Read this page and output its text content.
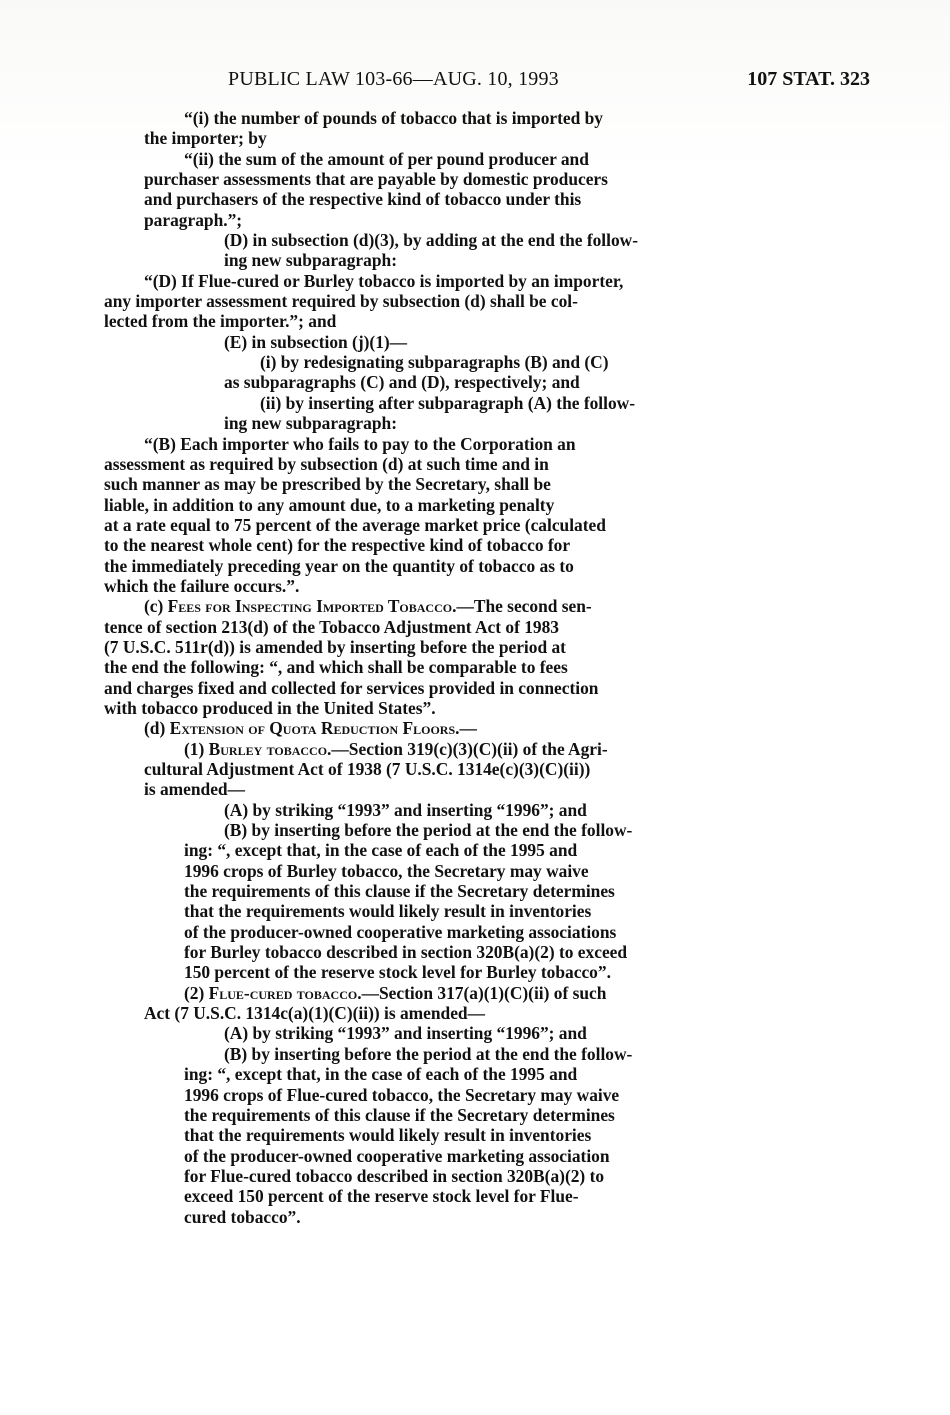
PUBLIC LAW 103-66—AUG. 10, 1993	107 STAT. 323

“(i) the number of pounds of tobacco that is imported by

the importer; by

“(ii) the sum of the amount of per pound producer and

purchaser assessments that are payable by domestic producers

and purchasers of the respective kind of tobacco under this

paragraph.”;

(D) in subsection (d)(3), by adding at the end the follow-

ing new subparagraph:

“(D) If Flue-cured or Burley tobacco is imported by an importer,

any importer assessment required by subsection (d) shall be col-

lected from the importer.”; and

(E) in subsection (j)(1)—

(i) by redesignating subparagraphs (B) and (C)

as subparagraphs (C) and (D), respectively; and

(ii) by inserting after subparagraph (A) the follow-

ing new subparagraph:

“(B) Each importer who fails to pay to the Corporation an

assessment as required by subsection (d) at such time and in

such manner as may be prescribed by the Secretary, shall be

liable, in addition to any amount due, to a marketing penalty

at a rate equal to 75 percent of the average market price (calculated

to the nearest whole cent) for the respective kind of tobacco for

the immediately preceding year on the quantity of tobacco as to

which the failure occurs.”.

(c) Fees for Inspecting Imported Tobacco.—The second sen-

tence of section 213(d) of the Tobacco Adjustment Act of 1983

(7 U.S.C. 511r(d)) is amended by inserting before the period at

the end the following: “, and which shall be comparable to fees

and charges fixed and collected for services provided in connection

with tobacco produced in the United States”.

(d) Extension of Quota Reduction Floors.—

(1) Burley tobacco.—Section 319(c)(3)(C)(ii) of the Agri-

cultural Adjustment Act of 1938 (7 U.S.C. 1314e(c)(3)(C)(ii))

is amended—

(A) by striking “1993” and inserting “1996”; and

(B) by inserting before the period at the end the follow-

ing: “, except that, in the case of each of the 1995 and

1996 crops of Burley tobacco, the Secretary may waive

the requirements of this clause if the Secretary determines

that the requirements would likely result in inventories

of the producer-owned cooperative marketing associations

for Burley tobacco described in section 320B(a)(2) to exceed

150 percent of the reserve stock level for Burley tobacco”.

(2) Flue-cured tobacco.—Section 317(a)(1)(C)(ii) of such

Act (7 U.S.C. 1314c(a)(1)(C)(ii)) is amended—

(A) by striking “1993” and inserting “1996”; and

(B) by inserting before the period at the end the follow-

ing: “, except that, in the case of each of the 1995 and

1996 crops of Flue-cured tobacco, the Secretary may waive

the requirements of this clause if the Secretary determines

that the requirements would likely result in inventories

of the producer-owned cooperative marketing association

for Flue-cured tobacco described in section 320B(a)(2) to

exceed 150 percent of the reserve stock level for Flue-

cured tobacco”.
